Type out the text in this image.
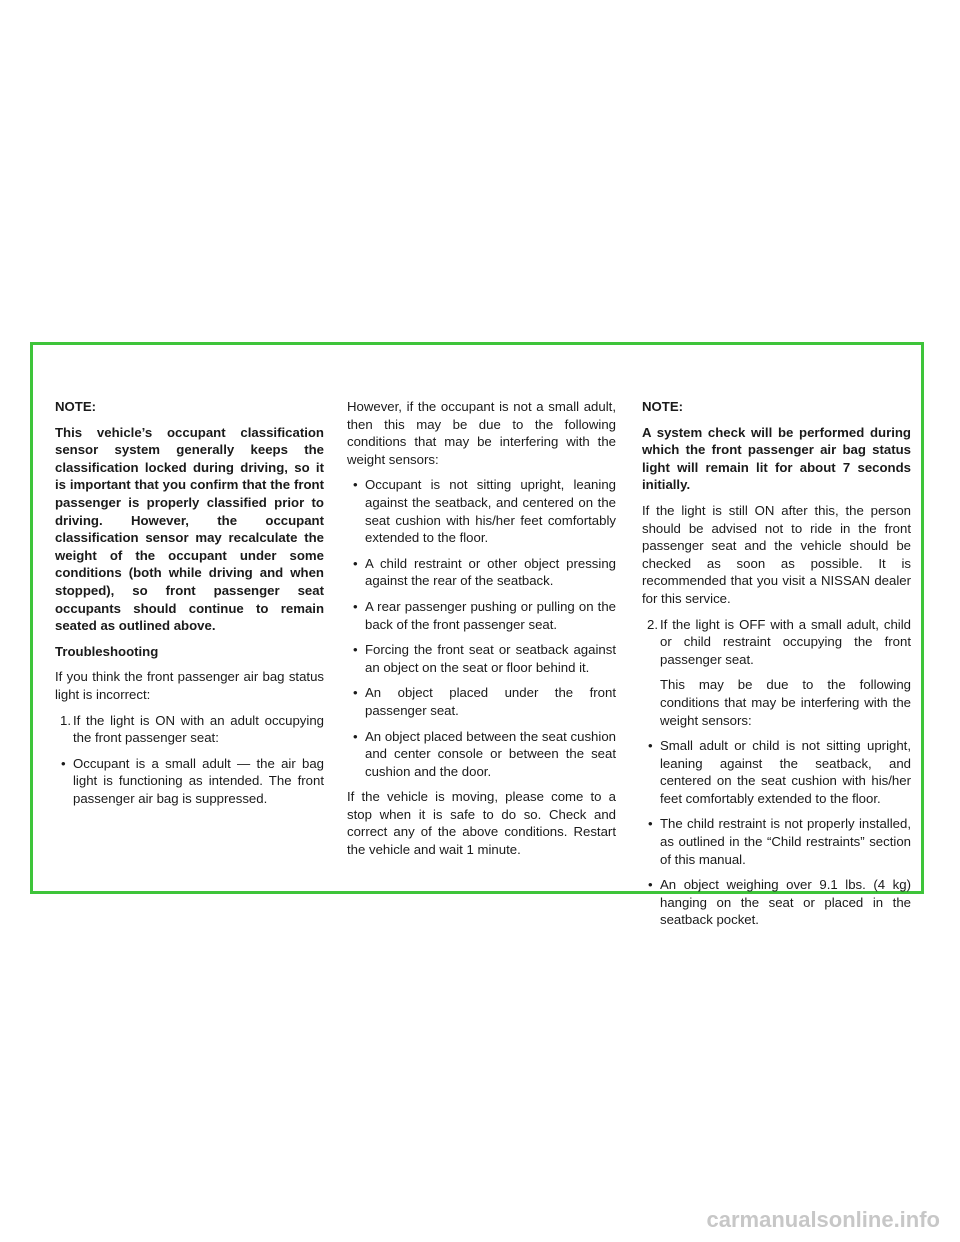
NOTE:

This vehicle’s occupant classification sensor system generally keeps the classification locked during driving, so it is important that you confirm that the front passenger is properly classified prior to driving. However, the occupant classification sensor may recalculate the weight of the occupant under some conditions (both while driving and when stopped), so front passenger seat occupants should continue to remain seated as outlined above.

Troubleshooting

If you think the front passenger air bag status light is incorrect:

1. If the light is ON with an adult occupying the front passenger seat:
• Occupant is a small adult — the air bag light is functioning as intended. The front passenger air bag is suppressed.

However, if the occupant is not a small adult, then this may be due to the following conditions that may be interfering with the weight sensors:

• Occupant is not sitting upright, leaning against the seatback, and centered on the seat cushion with his/her feet comfortably extended to the floor.
• A child restraint or other object pressing against the rear of the seatback.
• A rear passenger pushing or pulling on the back of the front passenger seat.
• Forcing the front seat or seatback against an object on the seat or floor behind it.
• An object placed under the front passenger seat.
• An object placed between the seat cushion and center console or between the seat cushion and the door.

If the vehicle is moving, please come to a stop when it is safe to do so. Check and correct any of the above conditions. Restart the vehicle and wait 1 minute.

NOTE:

A system check will be performed during which the front passenger air bag status light will remain lit for about 7 seconds initially.

If the light is still ON after this, the person should be advised not to ride in the front passenger seat and the vehicle should be checked as soon as possible. It is recommended that you visit a NISSAN dealer for this service.

2. If the light is OFF with a small adult, child or child restraint occupying the front passenger seat.

This may be due to the following conditions that may be interfering with the weight sensors:

• Small adult or child is not sitting upright, leaning against the seatback, and centered on the seat cushion with his/her feet comfortably extended to the floor.
• The child restraint is not properly installed, as outlined in the “Child restraints” section of this manual.
• An object weighing over 9.1 lbs. (4 kg) hanging on the seat or placed in the seatback pocket.
carmanualsonline.info
